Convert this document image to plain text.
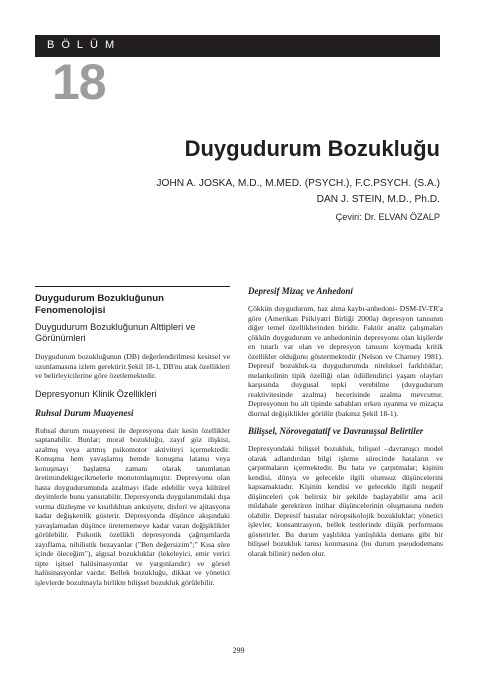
BÖLÜM
18
Duygudurum Bozukluğu
JOHN A. JOSKA, M.D., M.MED. (PSYCH.), F.C.PSYCH. (S.A.)
DAN J. STEIN, M.D., Ph.D.
Çeviri: Dr. ELVAN ÖZALP
Duygudurum Bozukluğunun Fenomenolojisi
Duygudurum Bozukluğunun Alttipleri ve Görünümleri
Duygudurum bozukluğunun (DB) değerlendirilmesi kesitsel ve uzunlamasına izlem gerektirir.Şekil 18-1, DB'nu atak özellikleri ve belirleyicilerine göre özetlemektedir.
Depresyonun Klinik Özellikleri
Ruhsal Durum Muayenesi
Ruhsal durum muayenesi ile depresyona dair kesin özellikler saptanabilir. Bunlar; moral bozukluğu, zayıf göz ilişkisi, azalmış veya artmış psikomotor aktiviteyi içermektedir. Konuşma hem yavaşlamış hemde konuşma latansı veya konuşmayı başlatma zamanı olarak tanımlanan üretimindekigecikmelerle monotonlaşmıştır. Depresyonu olan hasta duygudurumunda azalmayı ifade edebilir veya kültürel deyimlerle bunu yansıtabilir. Depresyonda duygulanımdaki dışa vurma düzleşme ve kısıtlıkhtan anksiyete, disfori ve ajitasyona kadar değişkenlik gösterir. Depresyonda düşünce akışındaki yavaşlamadan düşünce üretememeye kadar varan değişiklikler görülebilir. Psikotik özellikli depresyonda çağrışımlarda zayıflama, nihilistik hezayanlar ("Ben değersizim";" Kısa süre içinde öleceğim"), algısal bozukluklar (lekeleyici, emir verici tipte işitsel halüsinasyonlar ve yargınlarıdır) ve görsel halüsinasyonlar vardır. Bellek bozukluğu, dikkat ve yönetici işlevlerde bozulmayla birlikte bilişsel bozukluk görülebilir.
Depresif Mizaç ve Anhedoni
Çökkün duygudurum, haz alma kaybı-anhedoni- DSM-IV-TR'a göre (Amerikan Psikiyatri Birliği 2000a) depresyon tanısının diğer temel özelliklerinden biridir. Faktör analiz çalışmaları çökkün duygudurum ve anhedoninin depresyonu olan kişilerde en tutarlı var olan ve depresyon tanısını koymada kritik özellikler olduğunu göstermektedir (Nelson ve Charney 1981). Depresif bozukluk-ta duygudurumda nitelıksel farklılıklar; melankolinin tipik özelliği olan ödüllendirici yaşam olayları karşısında duygusal tepki verebilme (duygudurum reaktivitesinde azalma) becerisinde azalma mevcuttur. Depresyonun bu alt tipinde sabahları erken uyanma ve mizaçta diurnal değişiklikler görülür (bakınız Şekil 18-1).
Bilişsel, Nörovegatatif ve Davranışsal Belirtiler
Depresyondaki bilişsel bozukluk, bilişsel –davranışcı model olarak adlandırılan bilgi işleme sürecinde hataların ve çarpıtmaların içermektedir. Bu hata ve çarpıtmalar; kişinin kendisi, dünya ve gelecekle ilgili olumsuz düşüncelerini kapsamaktadır. Kişinin kendisi ve gelecekle ilgili negatif düşünceleri çok belirsiz bir şekilde başlayabilir ama acil müdahale gerektiren intihar düşüncelerinin oluşmasına neden olabilir. Depresif hastalar nöropsikolojik bozukluklar; yönetici işlevler, konsantrasyon, bellek testlerinde düşük performans gösterirler. Bu durum yaşlılıkta yanlışlıkla demans gibi bir bilişsel bozukluk tanısı konmasına (bu durum pseudodemans olarak bilinir) neden olur.
299
